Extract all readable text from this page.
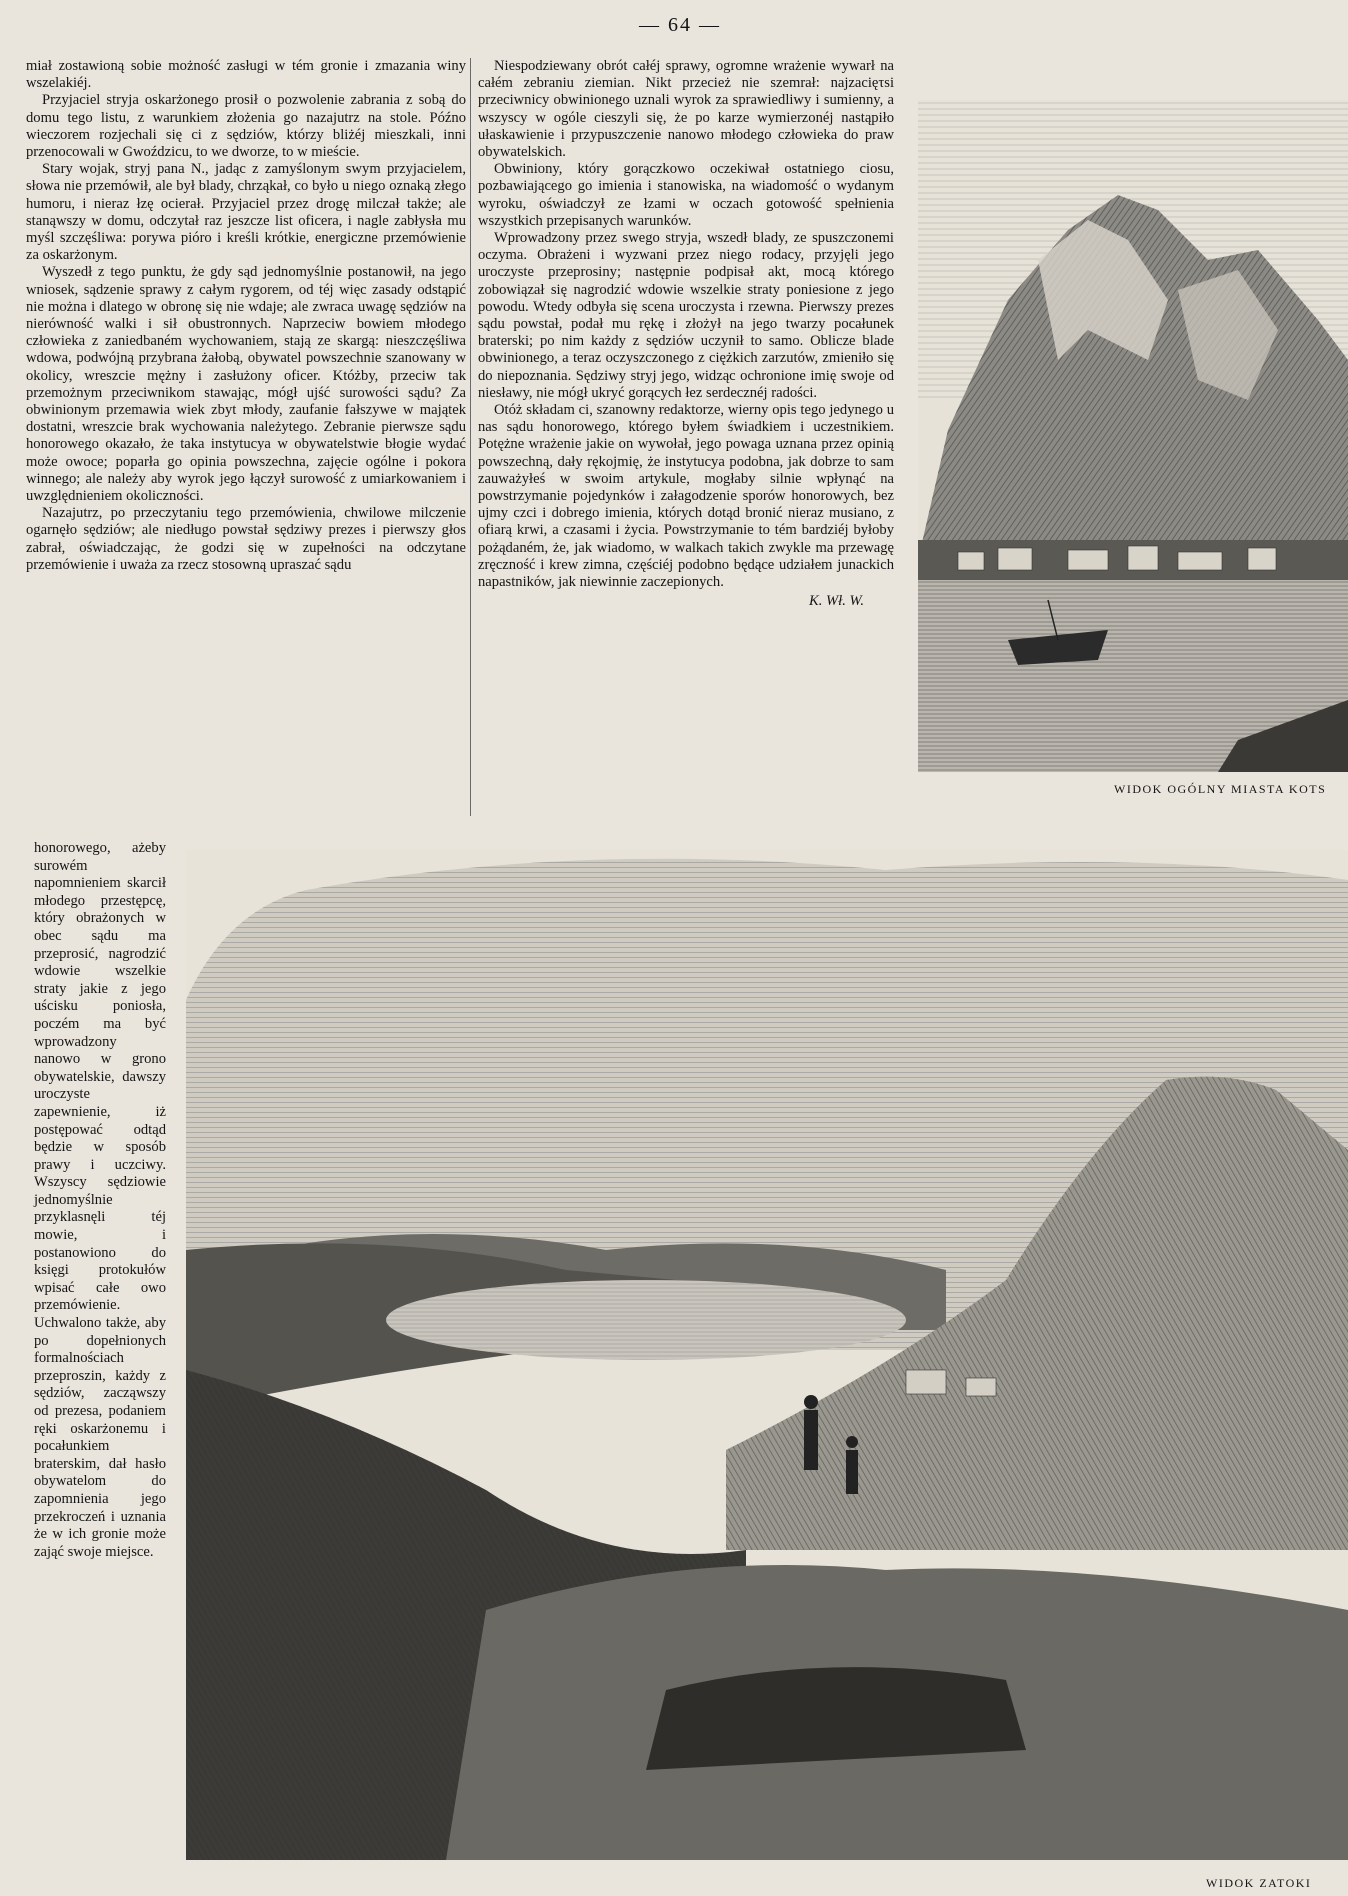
— 64 —

miał zostawioną sobie możność zasługi w tém gronie i zmazania winy wszelakiéj.

Przyjaciel stryja oskarżonego prosił o pozwolenie zabrania z sobą do domu tego listu, z warunkiem złożenia go nazajutrz na stole. Późno wieczorem rozjechali się ci z sędziów, którzy bliżéj mieszkali, inni przenocowali w Gwoździcu, to we dworze, to w mieście.

Stary wojak, stryj pana N., jadąc z zamyślonym swym przyjacielem, słowa nie przemówił, ale był blady, chrząkał, co było u niego oznaką złego humoru, i nieraz łzę ocierał. Przyjaciel przez drogę milczał także; ale stanąwszy w domu, odczytał raz jeszcze list oficera, i nagle zabłysła mu myśl szczęśliwa: porywa pióro i kreśli krótkie, energiczne przemówienie za oskarżonym.

Wyszedł z tego punktu, że gdy sąd jednomyślnie postanowił, na jego wniosek, sądzenie sprawy z całym rygorem, od téj więc zasady odstąpić nie można i dlatego w obronę się nie wdaje; ale zwraca uwagę sędziów na nierówność walki i sił obustronnych. Naprzeciw bowiem młodego człowieka z zaniedbaném wychowaniem, stają ze skargą: nieszczęśliwa wdowa, podwójną przybrana żałobą, obywatel powszechnie szanowany w okolicy, wreszcie mężny i zasłużony oficer. Któżby, przeciw tak przemożnym przeciwnikom stawając, mógł ujść surowości sądu? Za obwinionym przemawia wiek zbyt młody, zaufanie fałszywe w majątek dostatni, wreszcie brak wychowania należytego. Zebranie pierwsze sądu honorowego okazało, że taka instytucya w obywatelstwie błogie wydać może owoce; poparła go opinia powszechna, zajęcie ogólne i pokora winnego; ale należy aby wyrok jego łączył surowość z umiarkowaniem i uwzględnieniem okoliczności.

Nazajutrz, po przeczytaniu tego przemówienia, chwilowe milczenie ogarnęło sędziów; ale niedługo powstał sędziwy prezes i pierwszy głos zabrał, oświadczając, że godzi się w zupełności na odczytane przemówienie i uważa za rzecz stosowną upraszać sądu

Niespodziewany obrót całéj sprawy, ogromne wrażenie wywarł na całém zebraniu ziemian. Nikt przecież nie szemrał: najzacięτsi przeciwnicy obwinionego uznali wyrok za sprawiedliwy i sumienny, a wszyscy w ogóle cieszyli się, że po karze wymierzonéj nastąpiło ułaskawienie i przypuszczenie nanowo młodego człowieka do praw obywatelskich.

Obwiniony, który gorączkowo oczekiwał ostatniego ciosu, pozbawiającego go imienia i stanowiska, na wiadomość o wydanym wyroku, oświadczył ze łzami w oczach gotowość spełnienia wszystkich przepisanych warunków.

Wprowadzony przez swego stryja, wszedł blady, ze spuszczonemi oczyma. Obrażeni i wyzwani przez niego rodacy, przyjęli jego uroczyste przeprosiny; następnie podpisał akt, mocą którego zobowiązał się nagrodzić wdowie wszelkie straty poniesione z jego powodu. Wtedy odbyła się scena uroczysta i rzewna. Pierwszy prezes sądu powstał, podał mu rękę i złożył na jego twarzy pocałunek braterski; po nim każdy z sędziów uczynił to samo. Oblicze blade obwinionego, a teraz oczyszczonego z ciężkich zarzutów, zmieniło się do niepoznania. Sędziwy stryj jego, widząc ochronione imię swoje od niesławy, nie mógł ukryć gorących łez serdecznéj radości.

Otóż składam ci, szanowny redaktorze, wierny opis tego jedynego u nas sądu honorowego, którego byłem świadkiem i uczestnikiem. Potężne wrażenie jakie on wywołał, jego powaga uznana przez opinią powszechną, dały rękojmię, że instytucya podobna, jak dobrze to sam zauważyłeś w swoim artykule, mogłaby silnie wpłynąć na powstrzymanie pojedynków i załagodzenie sporów honorowych, bez ujmy czci i dobrego imienia, których dotąd bronić nieraz musiano, z ofiarą krwi, a czasami i życia. Powstrzymanie to tém bardziéj byłoby pożądaném, że, jak wiadomo, w walkach takich zwykle ma przewagę zręczność i krew zimna, częściéj podobno będące udziałem junackich napastników, jak niewinnie zaczepionych.

K. Wł. W.
honorowego, ażeby surowém napomnieniem skarcił młodego przestępcę, który obrażonych w obec sądu ma przeprosić, nagrodzić wdowie wszelkie straty jakie z jego uścisku poniosła, poczém ma być wprowadzony nanowo w grono obywatelskie, dawszy uroczyste zapewnienie, iż postępować odtąd będzie w sposób prawy i uczciwy. Wszyscy sędziowie jednomyślnie przyklasnęli téj mowie, i postanowiono do księgi protokułów wpisać całe owo przemówienie. Uchwalono także, aby po dopełnionych formalnościach przeproszin, każdy z sędziów, zacząwszy od prezesa, podaniem ręki oskarżonemu i pocałunkiem braterskim, dał hasło obywatelom do zapomnienia jego przekroczeń i uznania że w ich gronie może zająć swoje miejsce.
WIDOK OGÓLNY MIASTA KOTS
WIDOK ZATOKI
